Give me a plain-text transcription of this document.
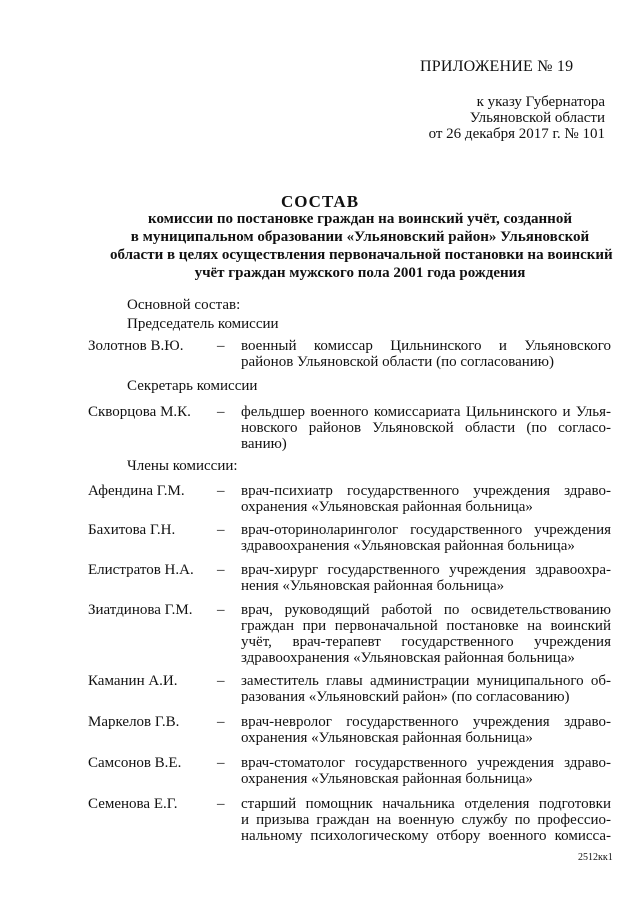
ПРИЛОЖЕНИЕ № 19
к указу Губернатора
Ульяновской области
от 26 декабря 2017 г. № 101
СОСТАВ
комиссии по постановке граждан на воинский учёт, созданной
в муниципальном образовании «Ульяновский район» Ульяновской
области в целях осуществления первоначальной постановки на воинский
учёт граждан мужского пола 2001 года рождения
Основной состав:
Председатель комиссии
Золотнов В.Ю. – военный комиссар Цильнинского и Ульяновского
районов Ульяновской области (по согласованию)
Секретарь комиссии
Скворцова М.К. – фельдшер военного комиссариата Цильнинского и Улья-
новского районов Ульяновской области (по согласо-
ванию)
Члены комиссии:
Афендина Г.М. – врач-психиатр государственного учреждения здраво-
охранения «Ульяновская районная больница»
Бахитова Г.Н.	– врач-оториноларинголог государственного учреждения
здравоохранения «Ульяновская районная больница»
Елистратов Н.А. – врач-хирург государственного учреждения здравоохра-
нения «Ульяновская районная больница»
Зиатдинова Г.М. – врач, руководящий работой по освидетельствованию
граждан при первоначальной постановке на воинский
учёт, врач-терапевт государственного учреждения
здравоохранения «Ульяновская районная больница»
Каманин А.И.	– заместитель главы администрации муниципального об-
разования «Ульяновский район» (по согласованию)
Маркелов Г.В.	– врач-невролог государственного учреждения здраво-
охранения «Ульяновская районная больница»
Самсонов В.Е. – врач-стоматолог государственного учреждения здраво-
охранения «Ульяновская районная больница»
Семенова Е.Г.	– старший помощник начальника отделения подготовки
и призыва граждан на военную службу по профессио-
нальному психологическому отбору военного комисса-
2512кк1
